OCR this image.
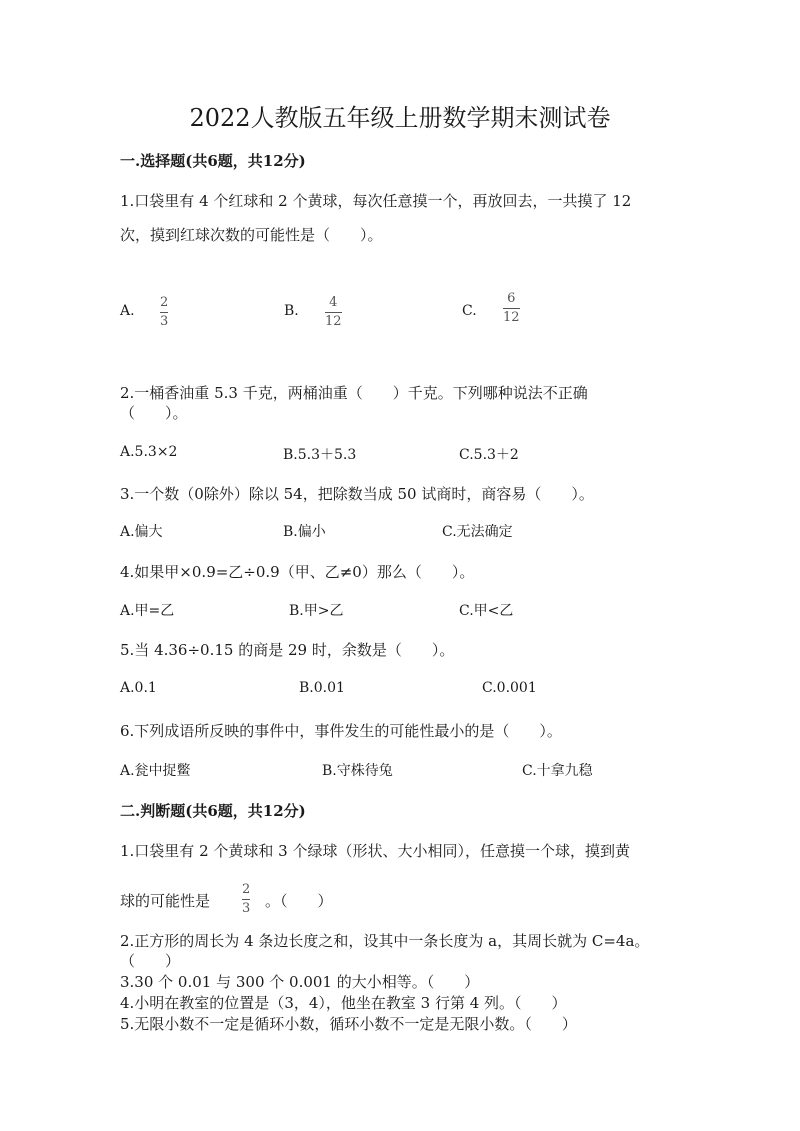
2022人教版五年级上册数学期末测试卷
一.选择题(共6题，共12分)
1.口袋里有 4 个红球和 2 个黄球，每次任意摸一个，再放回去，一共摸了 12
次，摸到红球次数的可能性是（　　）。
A.
2
3
B.
4
12
C.
6
12
2.一桶香油重 5.3 千克，两桶油重（　　）千克。下列哪种说法不正确
（　　）。
A.5.3×2	B.5.3＋5.3	C.5.3＋2
3.一个数（0除外）除以 54，把除数当成 50 试商时，商容易（　　）。
A.偏大	B.偏小	C.无法确定
4.如果甲×0.9=乙÷0.9（甲、乙≠0）那么（　　）。
A.甲=乙	B.甲>乙	C.甲<乙
5.当 4.36÷0.15 的商是 29 时，余数是（　　）。
A.0.1	B.0.01	C.0.001
6.下列成语所反映的事件中，事件发生的可能性最小的是（　　）。
A.瓮中捉鳖	B.守株待兔	C.十拿九稳
二.判断题(共6题，共12分)
1.口袋里有 2 个黄球和 3 个绿球（形状、大小相同），任意摸一个球，摸到黄
球的可能性是
2
3 。（　　）
2.正方形的周长为 4 条边长度之和，设其中一条长度为 a，其周长就为 C=4a。
（　　）
3.30 个 0.01 与 300 个 0.001 的大小相等。（　　）
4.小明在教室的位置是（3，4），他坐在教室 3 行第 4 列。（　　）
5.无限小数不一定是循环小数，循环小数不一定是无限小数。（　　）
